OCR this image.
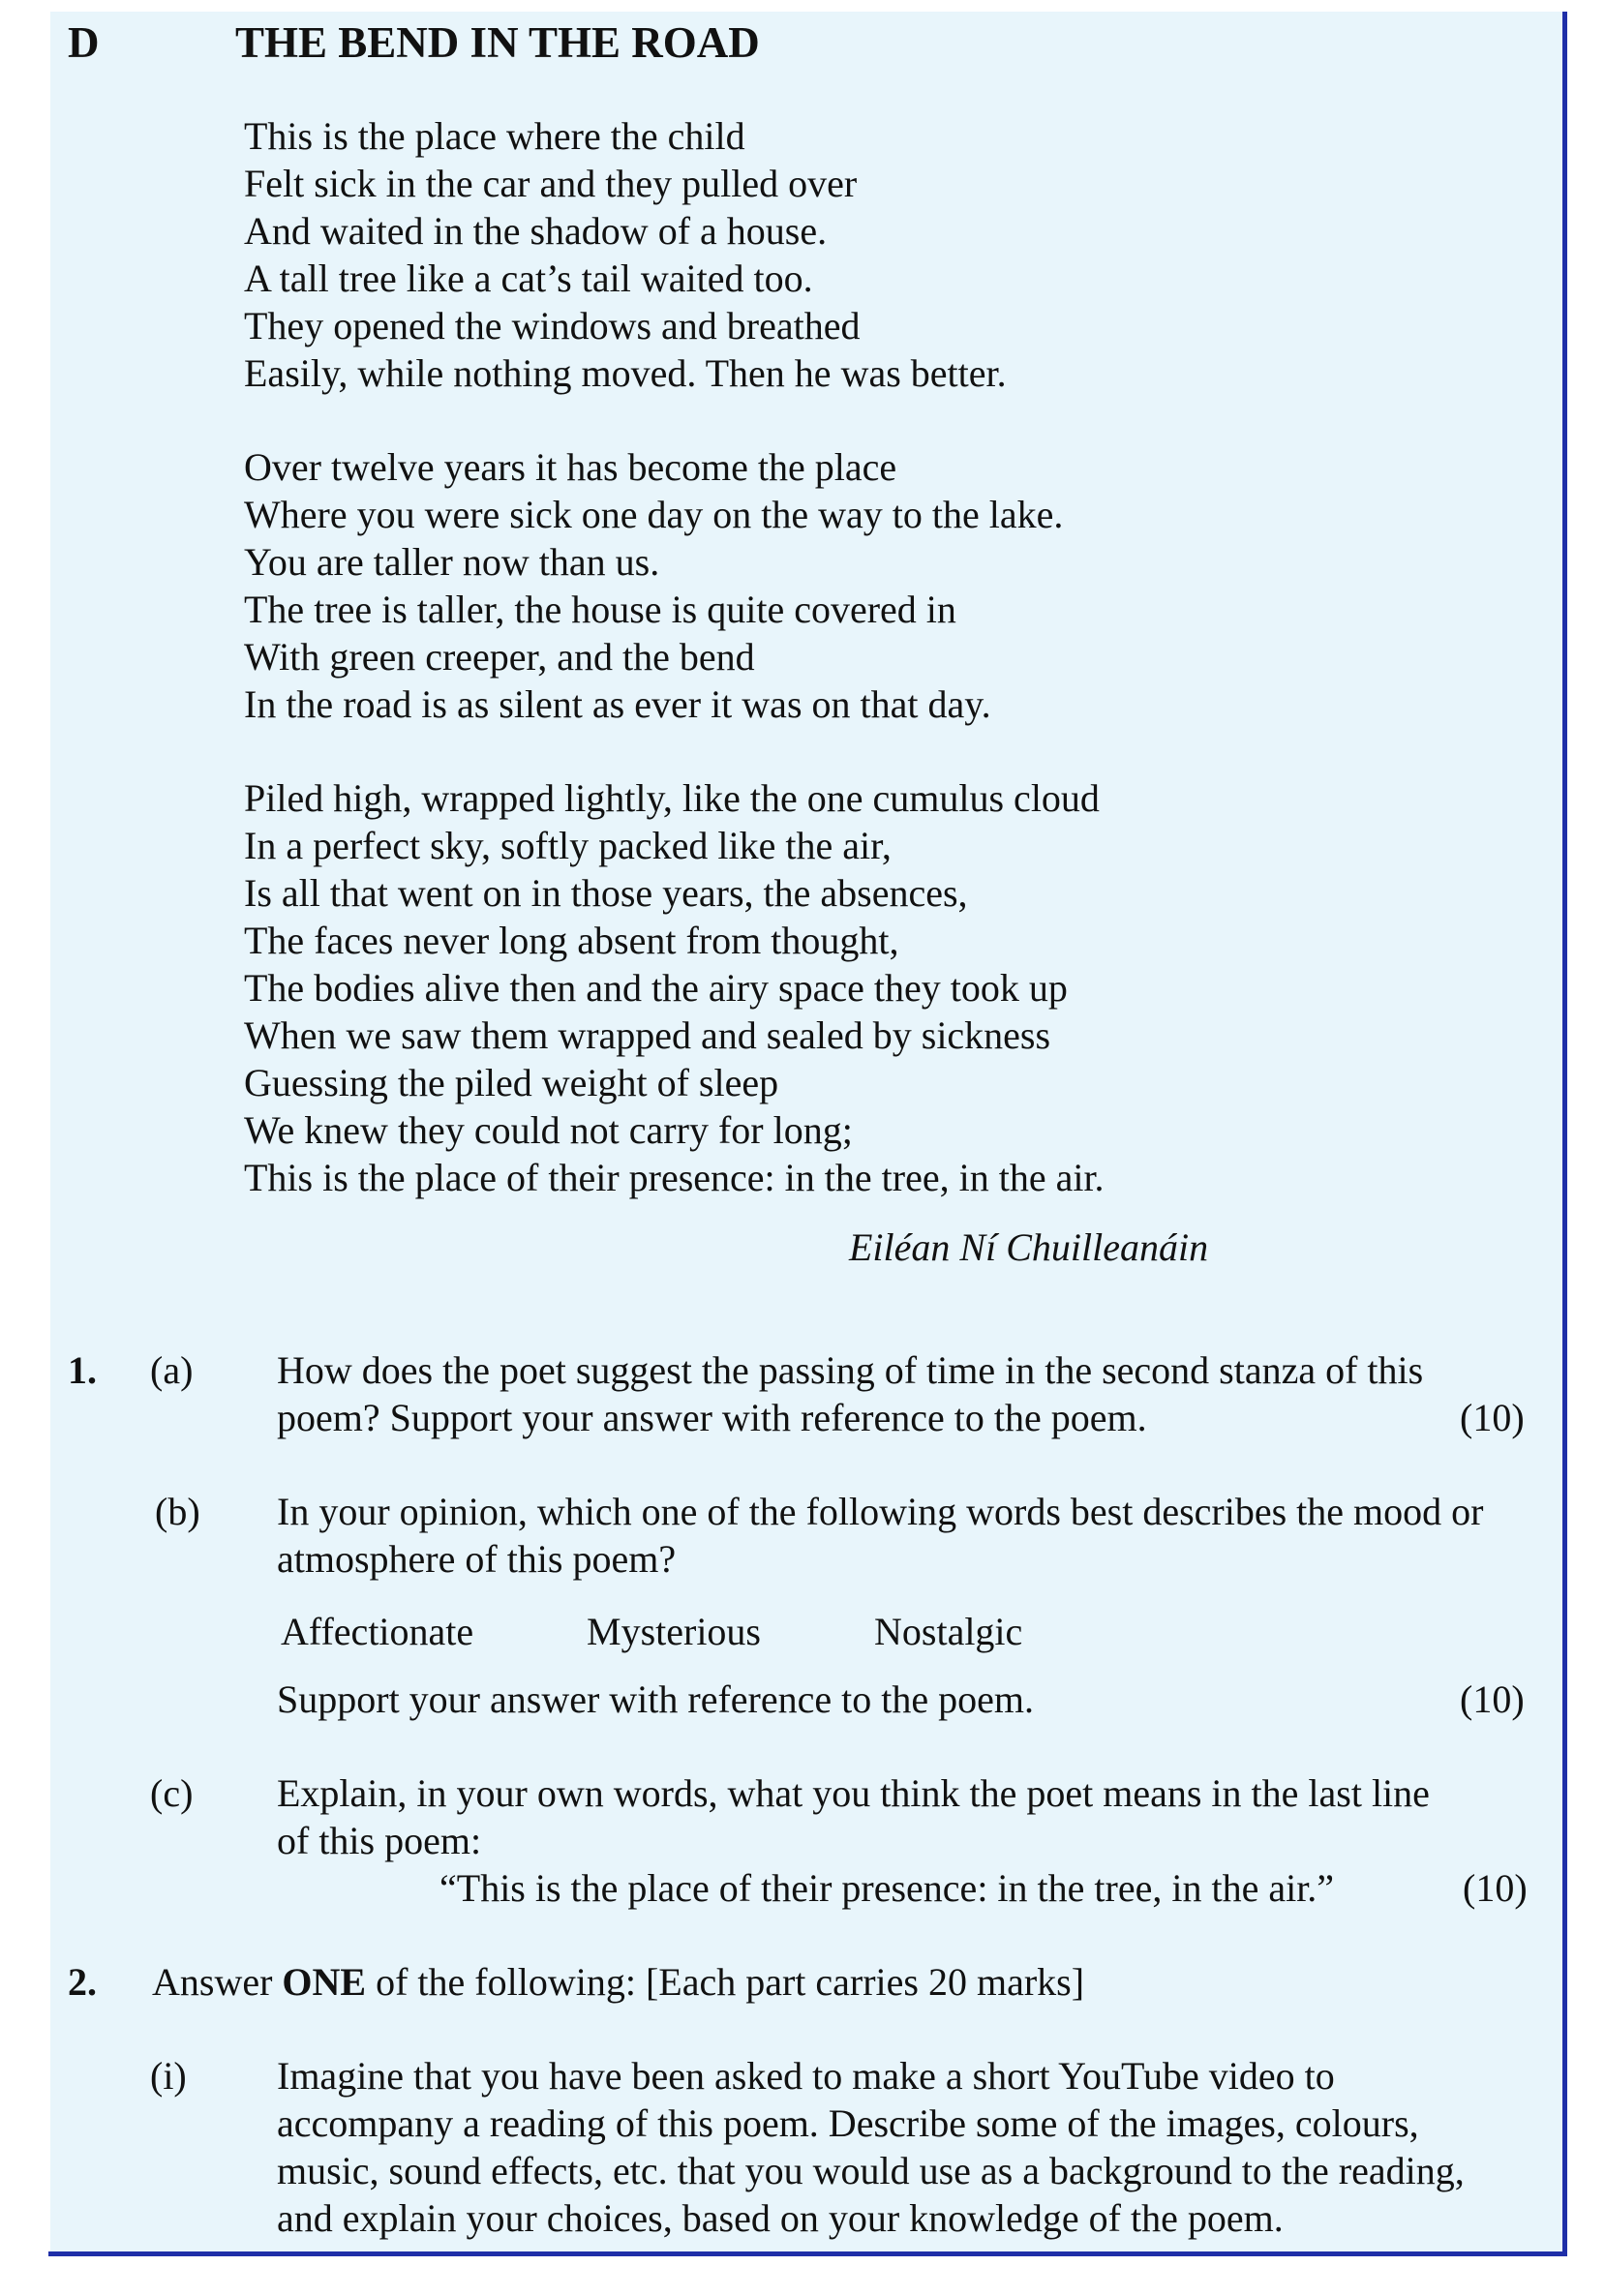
D	THE BEND IN THE ROAD
This is the place where the child
Felt sick in the car and they pulled over
And waited in the shadow of a house.
A tall tree like a cat’s tail waited too.
They opened the windows and breathed
Easily, while nothing moved. Then he was better.
Over twelve years it has become the place
Where you were sick one day on the way to the lake.
You are taller now than us.
The tree is taller, the house is quite covered in
With green creeper, and the bend
In the road is as silent as ever it was on that day.
Piled high, wrapped lightly, like the one cumulus cloud
In a perfect sky, softly packed like the air,
Is all that went on in those years, the absences,
The faces never long absent from thought,
The bodies alive then and the airy space they took up
When we saw them wrapped and sealed by sickness
Guessing the piled weight of sleep
We knew they could not carry for long;
This is the place of their presence: in the tree, in the air.
Eiléan Ní Chuilleanáin
1. (a) How does the poet suggest the passing of time in the second stanza of this
poem? Support your answer with reference to the poem.	(10)
(b) In your opinion, which one of the following words best describes the mood or
atmosphere of this poem?
Affectionate	Mysterious	Nostalgic
Support your answer with reference to the poem.	(10)
(c) Explain, in your own words, what you think the poet means in the last line
of this poem:
“This is the place of their presence: in the tree, in the air.”	(10)
2. Answer ONE of the following: [Each part carries 20 marks]
(i) Imagine that you have been asked to make a short YouTube video to
accompany a reading of this poem. Describe some of the images, colours,
music, sound effects, etc. that you would use as a background to the reading,
and explain your choices, based on your knowledge of the poem.
